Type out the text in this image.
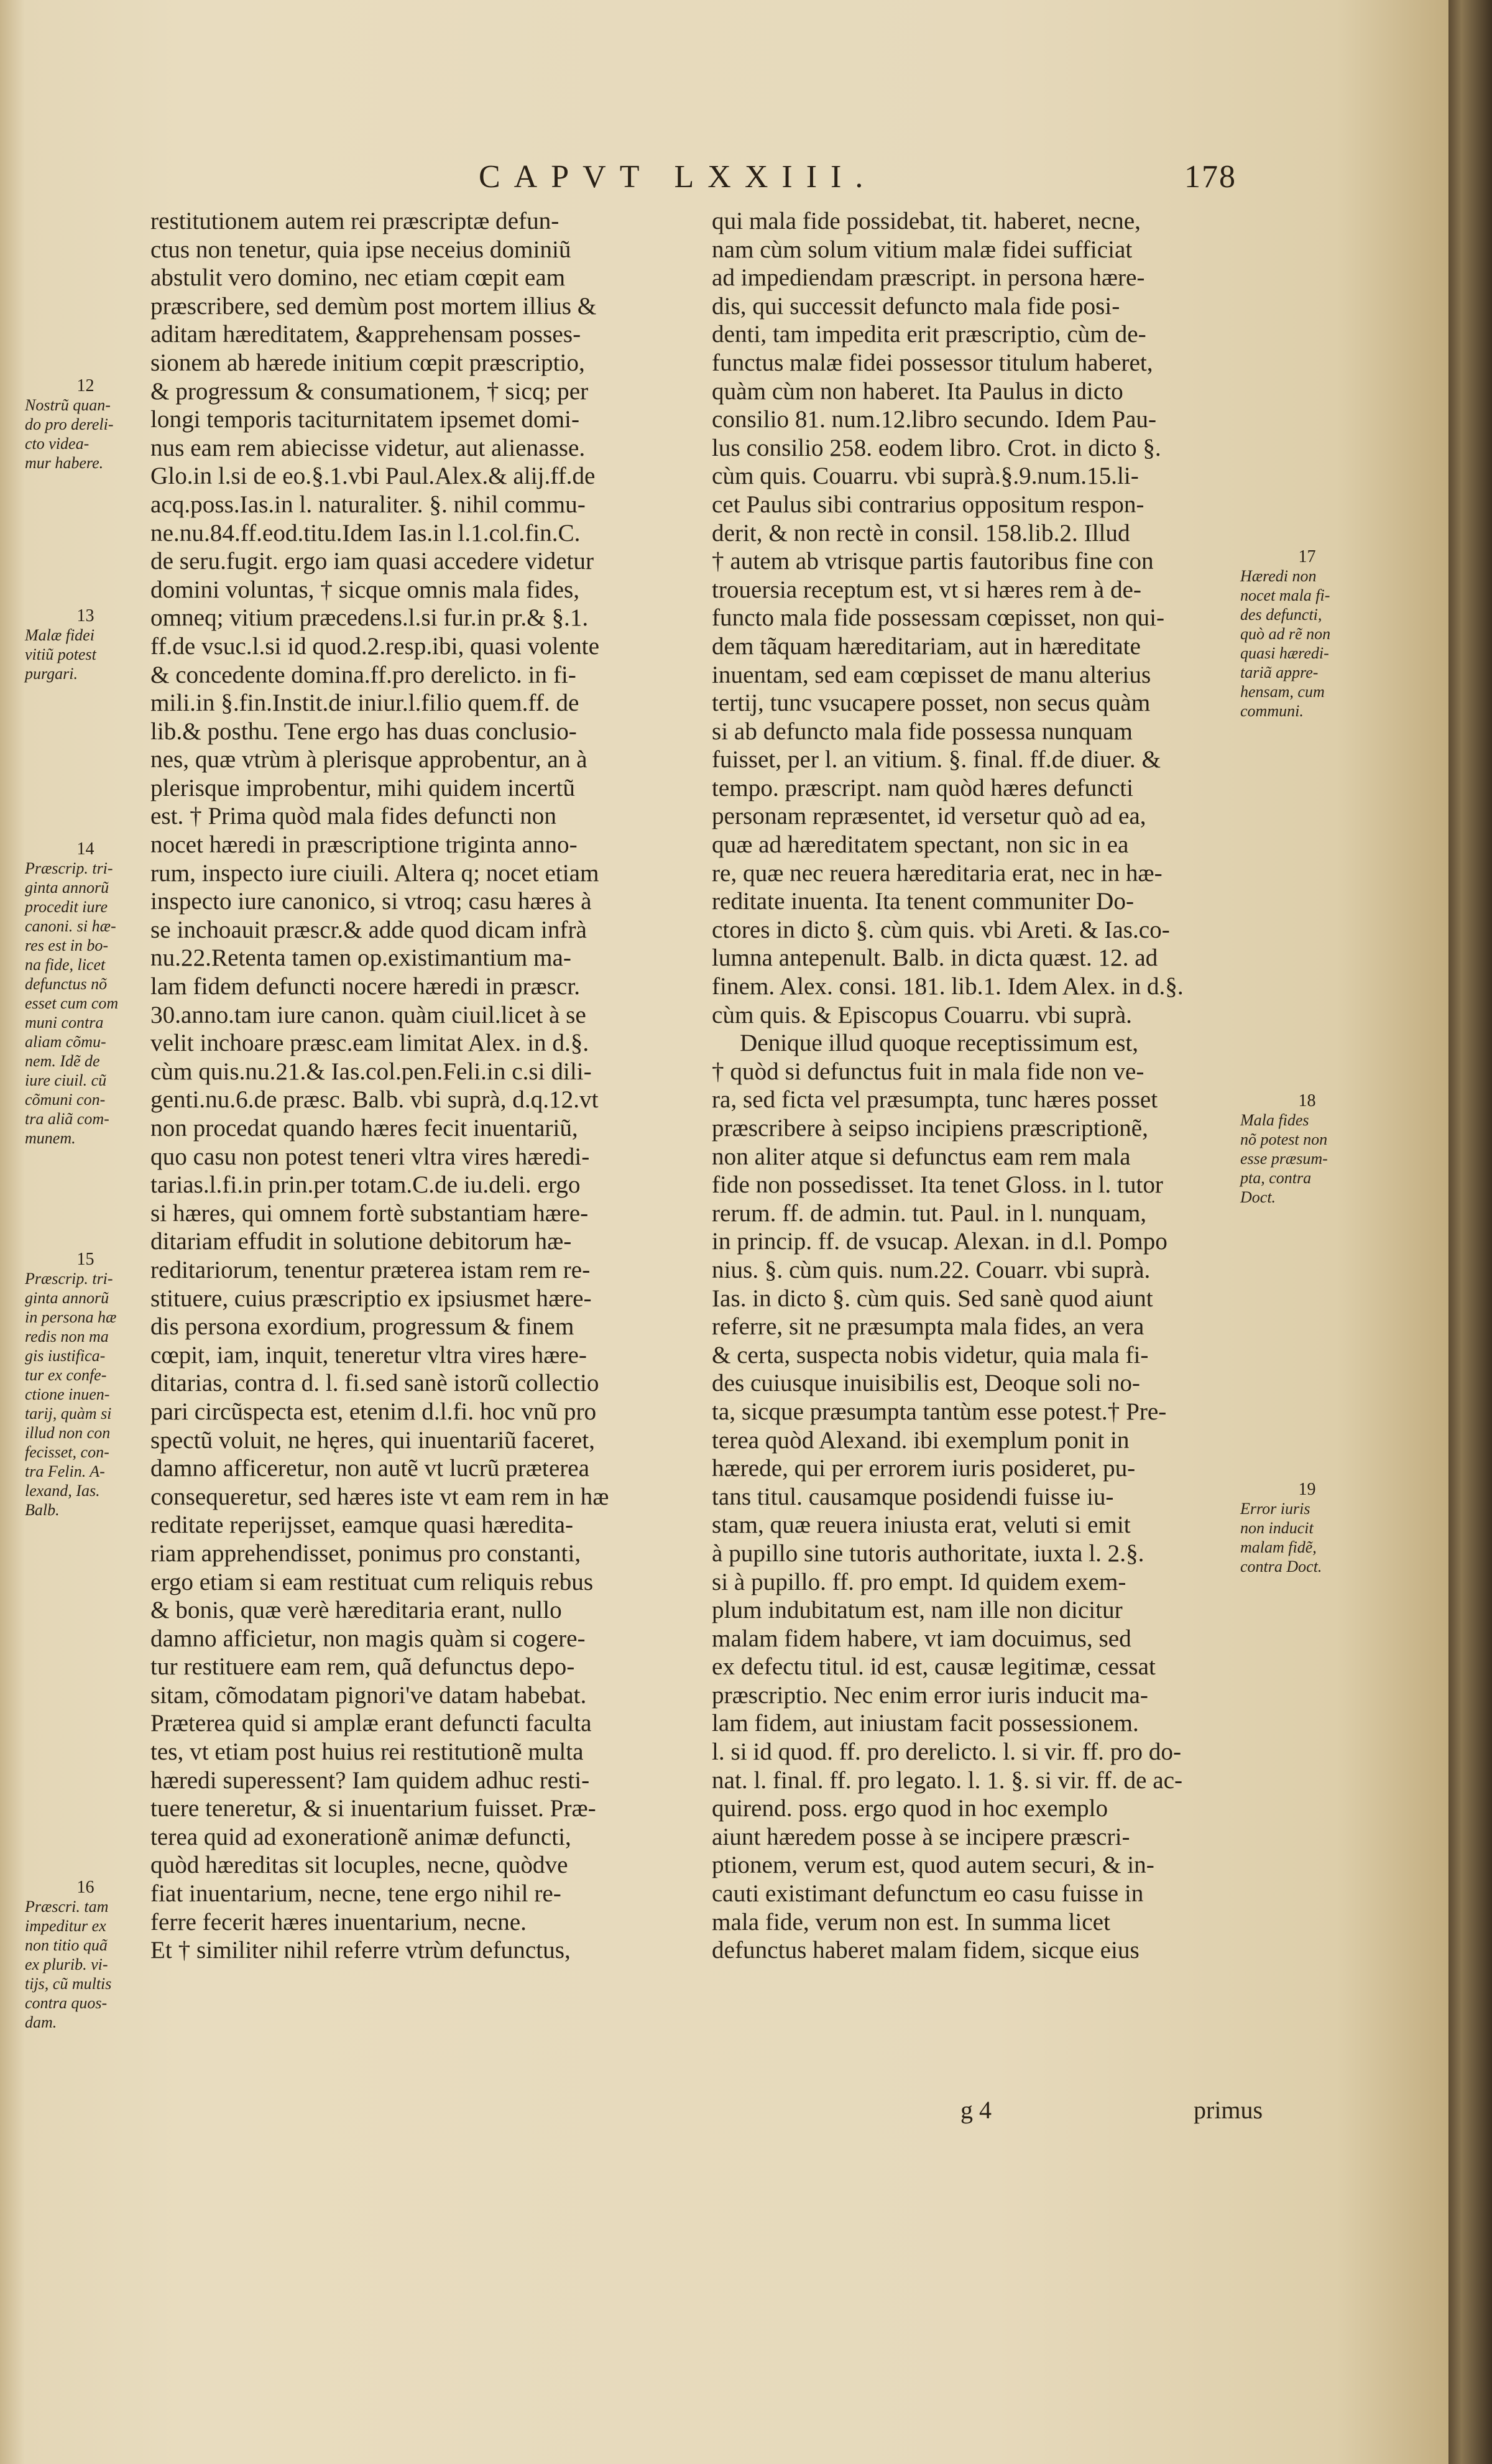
CAPVT LXXIII.	178
restitutionem autem rei præscriptæ defun-
ctus non tenetur, quia ipse neceius dominiũ
abstulit vero domino, nec etiam cœpit eam
præscribere, sed demùm post mortem illius &
aditam hæreditatem, &apprehensam posses-
sionem ab hærede initium cœpit præscriptio,
& progressum & consumationem, † sicq; per
longi temporis taciturnitatem ipsemet domi-
nus eam rem abiecisse videtur, aut alienasse.
Glo.in l.si de eo.§.1.vbi Paul.Alex.& alij.ff.de
acq.poss.Ias.in l. naturaliter. §. nihil commu-
ne.nu.84.ff.eod.titu.Idem Ias.in l.1.col.fin.C.
de seru.fugit. ergo iam quasi accedere videtur
domini voluntas, † sicque omnis mala fides,
omneq; vitium præcedens.l.si fur.in pr.& §.1.
ff.de vsuc.l.si id quod.2.resp.ibi, quasi volente
& concedente domina.ff.pro derelicto. in fi-
mili.in §.fin.Instit.de iniur.l.filio quem.ff. de
lib.& posthu. Tene ergo has duas conclusio-
nes, quæ vtrùm à plerisque approbentur, an à
plerisque improbentur, mihi quidem incertũ
est. † Prima quòd mala fides defuncti non
nocet hæredi in præscriptione triginta anno-
rum, inspecto iure ciuili. Altera q; nocet etiam
inspecto iure canonico, si vtroq; casu hæres à
se inchoauit præscr.& adde quod dicam infrà
nu.22.Retenta tamen op.existimantium ma-
lam fidem defuncti nocere hæredi in præscr.
30.anno.tam iure canon. quàm ciuil.licet à se
velit inchoare præsc.eam limitat Alex. in d.§.
cùm quis.nu.21.& Ias.col.pen.Feli.in c.si dili-
genti.nu.6.de præsc. Balb. vbi suprà, d.q.12.vt
non procedat quando hæres fecit inuentariũ,
quo casu non potest teneri vltra vires hæredi-
tarias.l.fi.in prin.per totam.C.de iu.deli. ergo
si hæres, qui omnem fortè substantiam hære-
ditariam effudit in solutione debitorum hæ-
reditariorum, tenentur præterea istam rem re-
stituere, cuius præscriptio ex ipsiusmet hære-
dis persona exordium, progressum & finem
cœpit, iam, inquit, teneretur vltra vires hære-
ditarias, contra d. l. fi.sed sanè istorũ collectio
pari circũspecta est, etenim d.l.fi. hoc vnũ pro
spectũ voluit, ne hęres, qui inuentariũ faceret,
damno afficeretur, non autẽ vt lucrũ præterea
consequeretur, sed hæres iste vt eam rem in hæ
reditate reperijsset, eamque quasi hæredita-
riam apprehendisset, ponimus pro constanti,
ergo etiam si eam restituat cum reliquis rebus
& bonis, quæ verè hæreditaria erant, nullo
damno afficietur, non magis quàm si cogere-
tur restituere eam rem, quã defunctus depo-
sitam, cõmodatam pignori've datam habebat.
Præterea quid si amplæ erant defuncti faculta
tes, vt etiam post huius rei restitutionẽ multa
hæredi superessent? Iam quidem adhuc resti-
tuere teneretur, & si inuentarium fuisset. Præ-
terea quid ad exonerationẽ animæ defuncti,
quòd hæreditas sit locuples, necne, quòdve
fiat inuentarium, necne, tene ergo nihil re-
ferre fecerit hæres inuentarium, necne.
Et † similiter nihil referre vtrùm defunctus,
qui mala fide possidebat, tit. haberet, necne,
nam cùm solum vitium malæ fidei sufficiat
ad impediendam præscript. in persona hære-
dis, qui successit defuncto mala fide posi-
denti, tam impedita erit præscriptio, cùm de-
functus malæ fidei possessor titulum haberet,
quàm cùm non haberet. Ita Paulus in dicto
consilio 81. num.12.libro secundo. Idem Pau-
lus consilio 258. eodem libro. Crot. in dicto §.
cùm quis. Couarru. vbi suprà.§.9.num.15.li-
cet Paulus sibi contrarius oppositum respon-
derit, & non rectè in consil. 158.lib.2. Illud
† autem ab vtrisque partis fautoribus fine con
trouersia receptum est, vt si hæres rem à de-
functo mala fide possessam cœpisset, non qui-
dem tãquam hæreditariam, aut in hæreditate
inuentam, sed eam cœpisset de manu alterius
tertij, tunc vsucapere posset, non secus quàm
si ab defuncto mala fide possessa nunquam
fuisset, per l. an vitium. §. final. ff.de diuer. &
tempo. præscript. nam quòd hæres defuncti
personam repræsentet, id versetur quò ad ea,
quæ ad hæreditatem spectant, non sic in ea
re, quæ nec reuera hæreditaria erat, nec in hæ-
reditate inuenta. Ita tenent communiter Do-
ctores in dicto §. cùm quis. vbi Areti. & Ias.co-
lumna antepenult. Balb. in dicta quæst. 12. ad
finem. Alex. consi. 181. lib.1. Idem Alex. in d.§.
cùm quis. & Episcopus Couarru. vbi suprà.
Denique illud quoque receptissimum est,
† quòd si defunctus fuit in mala fide non ve-
ra, sed ficta vel præsumpta, tunc hæres posset
præscribere à seipso incipiens præscriptionẽ,
non aliter atque si defunctus eam rem mala
fide non possedisset. Ita tenet Gloss. in l. tutor
rerum. ff. de admin. tut. Paul. in l. nunquam,
in princip. ff. de vsucap. Alexan. in d.l. Pompo
nius. §. cùm quis. num.22. Couarr. vbi suprà.
Ias. in dicto §. cùm quis. Sed sanè quod aiunt
referre, sit ne præsumpta mala fides, an vera
& certa, suspecta nobis videtur, quia mala fi-
des cuiusque inuisibilis est, Deoque soli no-
ta, sicque præsumpta tantùm esse potest.† Pre-
terea quòd Alexand. ibi exemplum ponit in
hærede, qui per errorem iuris posideret, pu-
tans titul. causamque posidendi fuisse iu-
stam, quæ reuera iniusta erat, veluti si emit
à pupillo sine tutoris authoritate, iuxta l. 2.§.
si à pupillo. ff. pro empt. Id quidem exem-
plum indubitatum est, nam ille non dicitur
malam fidem habere, vt iam docuimus, sed
ex defectu titul. id est, causæ legitimæ, cessat
præscriptio. Nec enim error iuris inducit ma-
lam fidem, aut iniustam facit possessionem.
l. si id quod. ff. pro derelicto. l. si vir. ff. pro do-
nat. l. final. ff. pro legato. l. 1. §. si vir. ff. de ac-
quirend. poss. ergo quod in hoc exemplo
aiunt hæredem posse à se incipere præscri-
ptionem, verum est, quod autem securi, & in-
cauti existimant defunctum eo casu fuisse in
mala fide, verum non est. In summa licet
defunctus haberet malam fidem, sicque eius
12
Nostrũ quan-
do pro dereli-
cto videa-
mur habere.
13
Malæ fidei
vitiũ potest
purgari.
14
Præscrip. tri-
ginta annorũ
procedit iure
canoni. si hæ-
res est in bo-
na fide, licet
defunctus nõ
esset cum com
muni contra
aliam cõmu-
nem. Idẽ de
iure ciuil. cũ
cõmuni con-
tra aliã com-
munem.
15
Præscrip. tri-
ginta annorũ
in persona hæ
redis non ma
gis iustifica-
tur ex confe-
ctione inuen-
tarij, quàm si
illud non con
fecisset, con-
tra Felin. A-
lexand, Ias.
Balb.
16
Præscri. tam
impeditur ex
non titio quã
ex plurib. vi-
tijs, cũ multis
contra quos-
dam.
17
Hæredi non
nocet mala fi-
des defuncti,
quò ad rẽ non
quasi hæredi-
tariã appre-
hensam, cum
communi.
18
Mala fides
nõ potest non
esse præsum-
pta, contra
Doct.
19
Error iuris
non inducit
malam fidẽ,
contra Doct.
g 4	primus
